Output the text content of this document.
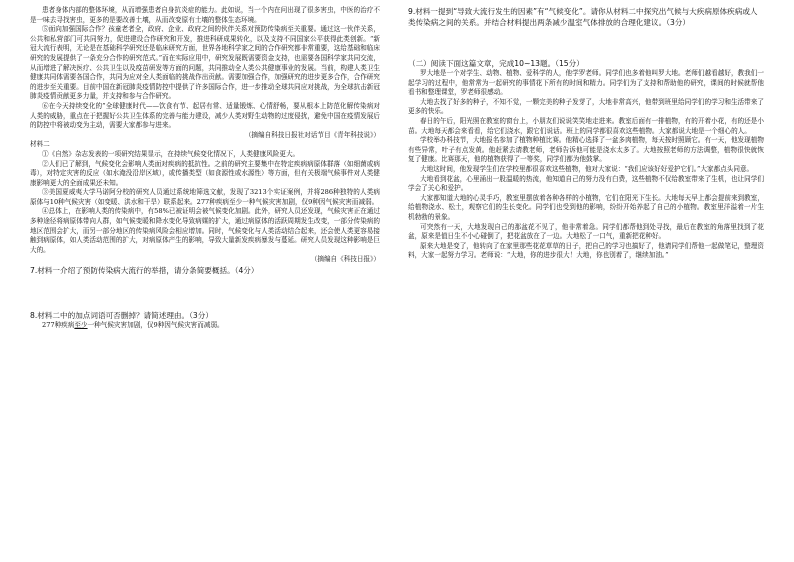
患者身体内部的整体环境，从而增强患者自身抗炎症的能力。此如说，当一个内在问出现了很多害虫，中医的治疗不是一味去寻找害虫，更多的是要改善土壤，从而改变原有土壤的整体生态环境。

⑤面向加强国际合作？孩童老者全，政府、企业、政府之间的伙伴关系对预防传染病至关重要。通过这一伙伴关系，公共和私营部门可共同努力，促进建设合作研究和开发，推进科研成果转化，以及支持不同国家公平获得此类创新。“新冠大流行表明，无论是在基础科学研究还是临床研究方面，世界各地科学家之间的合作研究都非常重要，这给基础和临床研究的发展提供了一条充分合作的研究范式。”而在实际应用中，研究发展既需要资金支持，也需要各国科学家共同交流，从而增进了解决医疗、公共卫生以及疫苗研发等方面的问题，共同推动全人类公共健康事业的发展。当前，构建人类卫生健康共同体需要各国合作，共同为应对全人类面临的挑战作出贡献。需要加强合作，加强研究的进步更多合作，合作研究的进步至关重要。目前中国在新冠肺炎疫情防控中提供了许多国际合作，进一步推动全球共同应对挑战，为全球抗击新冠肺炎疫情贡献更多力量，并支持和参与合作研究。

⑥在今天持续变化的”全球健康时代——饮食有节、起居有常、适量锻炼、心情舒畅，要从根本上防范化解传染病对人类的威胁，重点在于把握好公共卫生体系的完善与能力建设，减少人类对野生动物的过度侵扰，避免中国在疫情发展后的防控中将被动变为主动，需要大家都参与进来。

（摘编自科技日报社对话节目《青年科技说》）

材料二

①《自然》杂志发表的一项研究结果显示，在持续气候变化情况下，人类健康风险更大。

②人们已了解到，气候变化会影响人类面对疾病的抵抗性。之前的研究主要集中在特定疾病病原体群落（如细菌或病毒），对特定灾害的反应（如水淹没沿岸区域），或传播类型（如食源性或水源性）等方面，但有关极端气候事件对人类健康影响更大的全面成果还未知。

③美国夏威夷大学马诺阿分校的研究人员通过系统地筛选文献，发现了3213个实证案例，并将286种独特的人类病原体与10种气候灾害（如变暖、洪水和干旱）联系起来。277种疾病至少一种气候灾害加剧，仅9种因气候灾害而减弱。

④总体上，在影响人类的传染病中，有58%已被证明会被气候变化加剧。此外，研究人员还发现，气候灾害正在通过多种途径将病原体带向人群，如气候变暖和降水变化导致病媒的扩大，通过病原体的活跃周期发生改变，一部分传染病的地区范围会扩大，而另一部分地区的传染病风险会相应增加。同时，气候变化与人类活动结合起来，还会使人类更容易接触到病原体，如人类活动范围的扩大，对病原体产生的影响，导致大量新发疾病暴发与蔓延。研究人员发现这种影响是巨大的。

（摘编自《科技日报》）

7.材料一介绍了预防传染病大流行的举措，请分条简要概括。（4分）

8.材料二中的加点词语可否删掉？请简述理由。（3分）

277种疾病至少一种气候灾害加剧，仅9种因气候灾害而减弱。

9.材料一提到“导致大流行发生的因素”有“气候变化”。请你从材料二中探究出气候与大疾病原体疾病或人类传染病之间的关系。并结合材料提出两条减少温室气体排放的合理化建议。（3分）

（二）阅读下面这篇文章，完成10~13题。（15分）

罗大地是一个对学生、动物、植物、爱科学的人，他学罗老师。同学们也多着他叫罗大地。老师们越看越好，教我们一起学习的过程中，他常常为一起研究的事情花下所有的时间和精力。同学们为了支持和帮助他的研究，课间的时候就帮他看书和整理课堂，罗老师很感动。

大地去找了好多的种子，不知不觉，一颗完美的种子发芽了，大地非常高兴，他带到班里给同学们的学习和生活带来了更多的快乐。

春日的午后，阳光照在教室的窗台上，小朋友们说说笑笑地走进来。教室后面有一排植物，有的开着小花，有的还是小苗。大地每天都会来看看，给它们浇水，跟它们说话。班上的同学都很喜欢这些植物。大家都说大地是一个细心的人。

学校举办科技节，大地报名参加了植物种植比赛。他精心选择了一盆多肉植物，每天按时照顾它。有一天，他发现植物有些异常，叶子有点发黄。他赶紧去请教老师，老师告诉他可能是浇水太多了。大地按照老师的方法调整，植物很快就恢复了健康。比赛那天，他的植物获得了一等奖，同学们都为他鼓掌。

大地这时间，他发现学生们在学校里都很喜欢这些植物，他对大家说：“我们应该好好爱护它们。”大家都点头同意。

大地看到花盆，心里涌出一股温暖的热流，他知道自己的努力没有白费，这些植物不仅给教室带来了生机，也让同学们学会了关心和爱护。

大家都知道大地的心灵手巧，教室里摆放着各种各样的小植物，它们在阳光下生长。大地每天早上都会提前来到教室，给植物浇水、松土，观察它们的生长变化。同学们也受到他的影响，纷纷开始养起了自己的小植物。教室里洋溢着一片生机勃勃的景象。

可突然有一天，大地发现自己的那盆花不见了，他非常着急。同学们都帮他到处寻找，最后在教室的角落里找到了花盆，原来是值日生不小心碰倒了，把花盆放在了一边。大地松了一口气，重新把花种好。

原来大地是变了，他转向了在家里那些花花草草的日子，把自己的学习也搞好了，他请同学们帮他一起做笔记，整理资料，大家一起努力学习。老师说：“大地，你的进步很大！大地，你也别着了，继续加油。”
